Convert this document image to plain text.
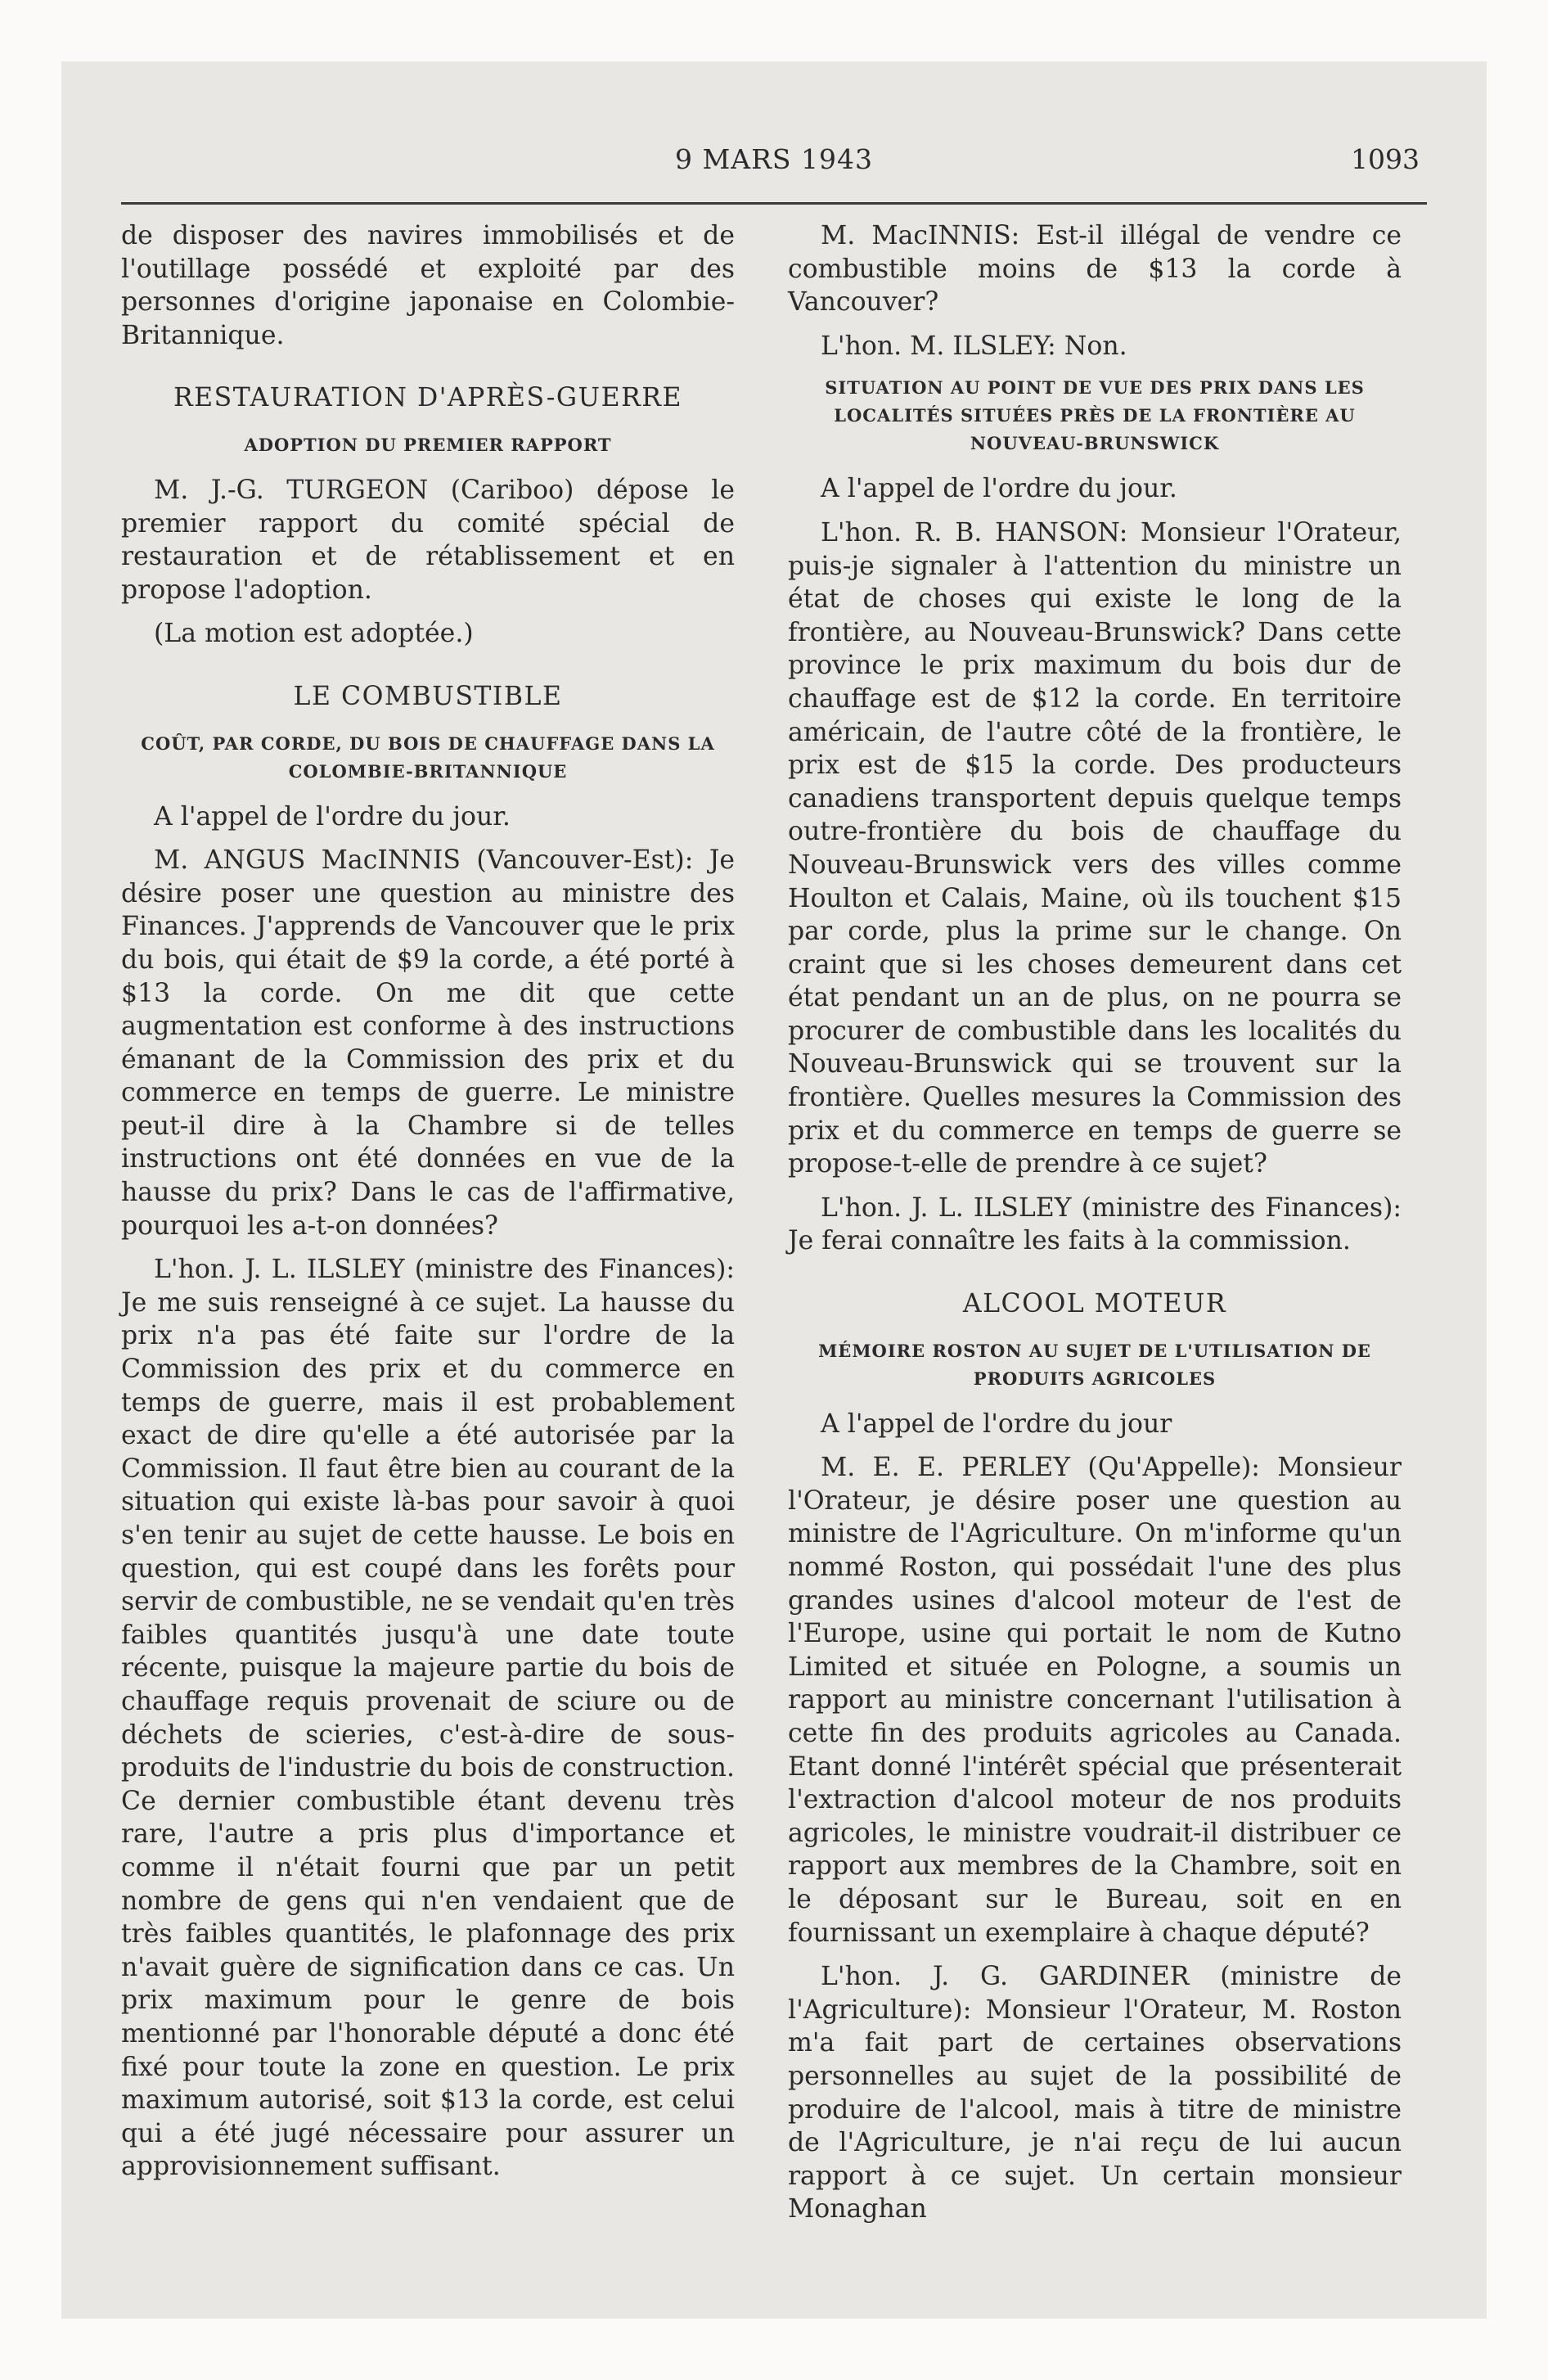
9 MARS 1943	1093

de disposer des navires immobilisés et de l'outillage possédé et exploité par des personnes d'origine japonaise en Colombie-Britannique.

RESTAURATION D'APRÈS-GUERRE
ADOPTION DU PREMIER RAPPORT

M. J.-G. TURGEON (Cariboo) dépose le premier rapport du comité spécial de restauration et de rétablissement et en propose l'adoption.

(La motion est adoptée.)

LE COMBUSTIBLE
COÛT, PAR CORDE, DU BOIS DE CHAUFFAGE DANS LA COLOMBIE-BRITANNIQUE

A l'appel de l'ordre du jour.

M. ANGUS MacINNIS (Vancouver-Est): Je désire poser une question au ministre des Finances. J'apprends de Vancouver que le prix du bois, qui était de $9 la corde, a été porté à $13 la corde. On me dit que cette augmentation est conforme à des instructions émanant de la Commission des prix et du commerce en temps de guerre. Le ministre peut-il dire à la Chambre si de telles instructions ont été données en vue de la hausse du prix? Dans le cas de l'affirmative, pourquoi les a-t-on données?

L'hon. J. L. ILSLEY (ministre des Finances): Je me suis renseigné à ce sujet. La hausse du prix n'a pas été faite sur l'ordre de la Commission des prix et du commerce en temps de guerre, mais il est probablement exact de dire qu'elle a été autorisée par la Commission. Il faut être bien au courant de la situation qui existe là-bas pour savoir à quoi s'en tenir au sujet de cette hausse. Le bois en question, qui est coupé dans les forêts pour servir de combustible, ne se vendait qu'en très faibles quantités jusqu'à une date toute récente, puisque la majeure partie du bois de chauffage requis provenait de sciure ou de déchets de scieries, c'est-à-dire de sous-produits de l'industrie du bois de construction. Ce dernier combustible étant devenu très rare, l'autre a pris plus d'importance et comme il n'était fourni que par un petit nombre de gens qui n'en vendaient que de très faibles quantités, le plafonnage des prix n'avait guère de signification dans ce cas. Un prix maximum pour le genre de bois mentionné par l'honorable député a donc été fixé pour toute la zone en question. Le prix maximum autorisé, soit $13 la corde, est celui qui a été jugé nécessaire pour assurer un approvisionnement suffisant.

M. MacINNIS: Est-il illégal de vendre ce combustible moins de $13 la corde à Vancouver?

L'hon. M. ILSLEY: Non.

SITUATION AU POINT DE VUE DES PRIX DANS LES LOCALITÉS SITUÉES PRÈS DE LA FRONTIÈRE AU NOUVEAU-BRUNSWICK

A l'appel de l'ordre du jour.

L'hon. R. B. HANSON: Monsieur l'Orateur, puis-je signaler à l'attention du ministre un état de choses qui existe le long de la frontière, au Nouveau-Brunswick? Dans cette province le prix maximum du bois dur de chauffage est de $12 la corde. En territoire américain, de l'autre côté de la frontière, le prix est de $15 la corde. Des producteurs canadiens transportent depuis quelque temps outre-frontière du bois de chauffage du Nouveau-Brunswick vers des villes comme Houlton et Calais, Maine, où ils touchent $15 par corde, plus la prime sur le change. On craint que si les choses demeurent dans cet état pendant un an de plus, on ne pourra se procurer de combustible dans les localités du Nouveau-Brunswick qui se trouvent sur la frontière. Quelles mesures la Commission des prix et du commerce en temps de guerre se propose-t-elle de prendre à ce sujet?

L'hon. J. L. ILSLEY (ministre des Finances): Je ferai connaître les faits à la commission.

ALCOOL MOTEUR
MÉMOIRE ROSTON AU SUJET DE L'UTILISATION DE PRODUITS AGRICOLES

A l'appel de l'ordre du jour

M. E. E. PERLEY (Qu'Appelle): Monsieur l'Orateur, je désire poser une question au ministre de l'Agriculture. On m'informe qu'un nommé Roston, qui possédait l'une des plus grandes usines d'alcool moteur de l'est de l'Europe, usine qui portait le nom de Kutno Limited et située en Pologne, a soumis un rapport au ministre concernant l'utilisation à cette fin des produits agricoles au Canada. Etant donné l'intérêt spécial que présenterait l'extraction d'alcool moteur de nos produits agricoles, le ministre voudrait-il distribuer ce rapport aux membres de la Chambre, soit en le déposant sur le Bureau, soit en en fournissant un exemplaire à chaque député?

L'hon. J. G. GARDINER (ministre de l'Agriculture): Monsieur l'Orateur, M. Roston m'a fait part de certaines observations personnelles au sujet de la possibilité de produire de l'alcool, mais à titre de ministre de l'Agriculture, je n'ai reçu de lui aucun rapport à ce sujet. Un certain monsieur Monaghan
